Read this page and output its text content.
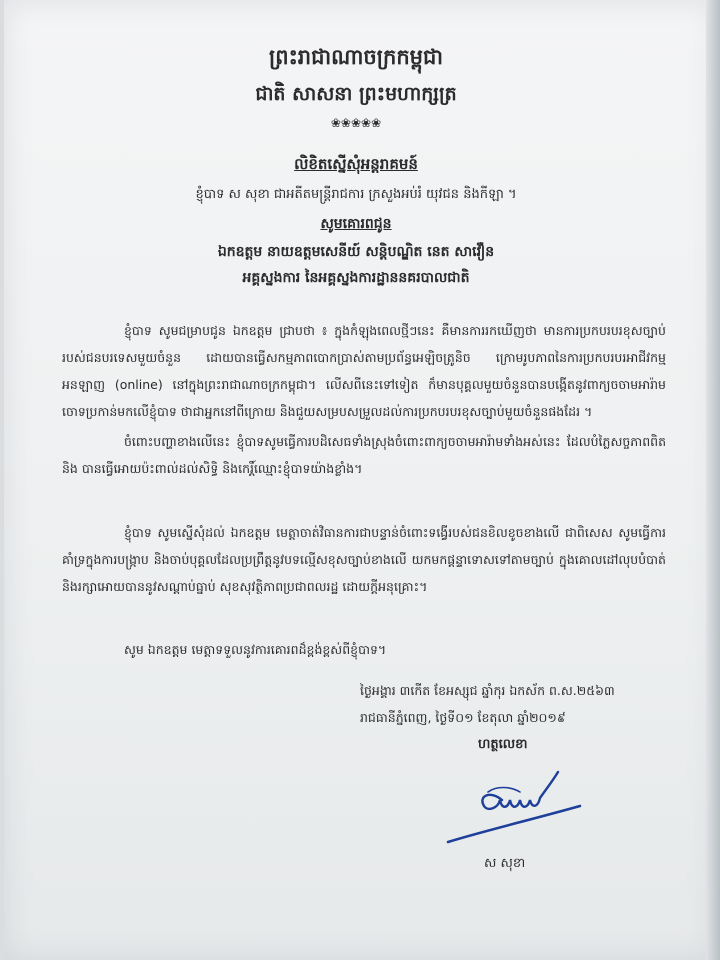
ព្រះរាជាណាចក្រកម្ពុជា
ជាតិ សាសនា ព្រះមហាក្សត្រ
❀❀❀❀❀
លិខិតស្នើសុំអន្តរាគមន៍
ខ្ញុំបាទ ស សុខា ជាអតីតមន្ត្រីរាជការ ក្រសួងអប់រំ យុវជន និងកីឡា ។
សូមគោរពជូន
ឯកឧត្តម នាយឧត្តមសេនីយ៍ សន្តិបណ្ឌិត នេត សាវឿន
អគ្គស្នងការ នៃអគ្គស្នងការដ្ឋាននគរបាលជាតិ
ខ្ញុំបាទ សូមជម្រាបជូន ឯកឧត្តម ជ្រាបថា ៖ ក្នុងកំឡុងពេលថ្មីៗនេះ គឺមានការរកឃើញថា មានការប្រកបរបរខុសច្បាប់របស់ជនបរទេសមួយចំនួន ដោយបានធ្វើសកម្មភាពបោកប្រាស់តាមប្រព័ន្ធអេឡិចត្រូនិច ក្រោមរូបភាពនៃការប្រកបរបរអាជីវកម្ម អនឡាញ (online) នៅក្នុងព្រះរាជាណាចក្រកម្ពុជា។ លើសពីនេះទៅទៀត ក៏មានបុគ្គលមួយចំនួនបានបង្កើតនូវពាក្យចចាមអារ៉ាមចោទប្រកាន់មកលើខ្ញុំបាទ ថាជាអ្នកនៅពីក្រោយ និងជួយសម្របសម្រួលដល់ការប្រកបរបរខុសច្បាប់មួយចំនួនផងដែរ ។
ចំពោះបញ្ហាខាងលើនេះ ខ្ញុំបាទសូមធ្វើការបដិសេធទាំងស្រុងចំពោះពាក្យចចាមអារ៉ាមទាំងអស់នេះ ដែលបំភ្លៃសច្ចភាពពិត និង បានធ្វើអោយប៉ះពាល់ដល់សិទ្ធិ និងកេរ្តិ៍ឈ្មោះខ្ញុំបាទយ៉ាងខ្លាំង។
ខ្ញុំបាទ សូមស្នើសុំដល់ ឯកឧត្តម មេត្តាចាត់វិធានការជាបន្ទាន់ចំពោះទង្វើរបស់ជនខិលខូចខាងលើ ជាពិសេស សូមធ្វើការគាំទ្រក្នុងការបង្ក្រាប និងចាប់បុគ្គលដែលប្រព្រឹត្តនូវបទល្មើសខុសច្បាប់ខាងលើ យកមកផ្តន្ទាទោសទៅតាមច្បាប់ ក្នុងគោលដៅលុបបំបាត់ និងរក្សាអោយបាននូវសណ្តាប់ធ្នាប់ សុខសុវត្ថិភាពប្រជាពលរដ្ឋ ដោយក្តីអនុគ្រោះ។
សូម ឯកឧត្តម មេត្តាទទួលនូវការគោរពដ៏ខ្ពង់ខ្ពស់ពីខ្ញុំបាទ។
ថ្ងៃអង្គារ ៣កើត ខែអស្សុជ ឆ្នាំកុរ ឯកស័ក ព.ស.២៥៦៣
រាជធានីភ្នំពេញ, ថ្ងៃទី០១ ខែតុលា ឆ្នាំ២០១៩
ហត្ថលេខា
ស សុខា
